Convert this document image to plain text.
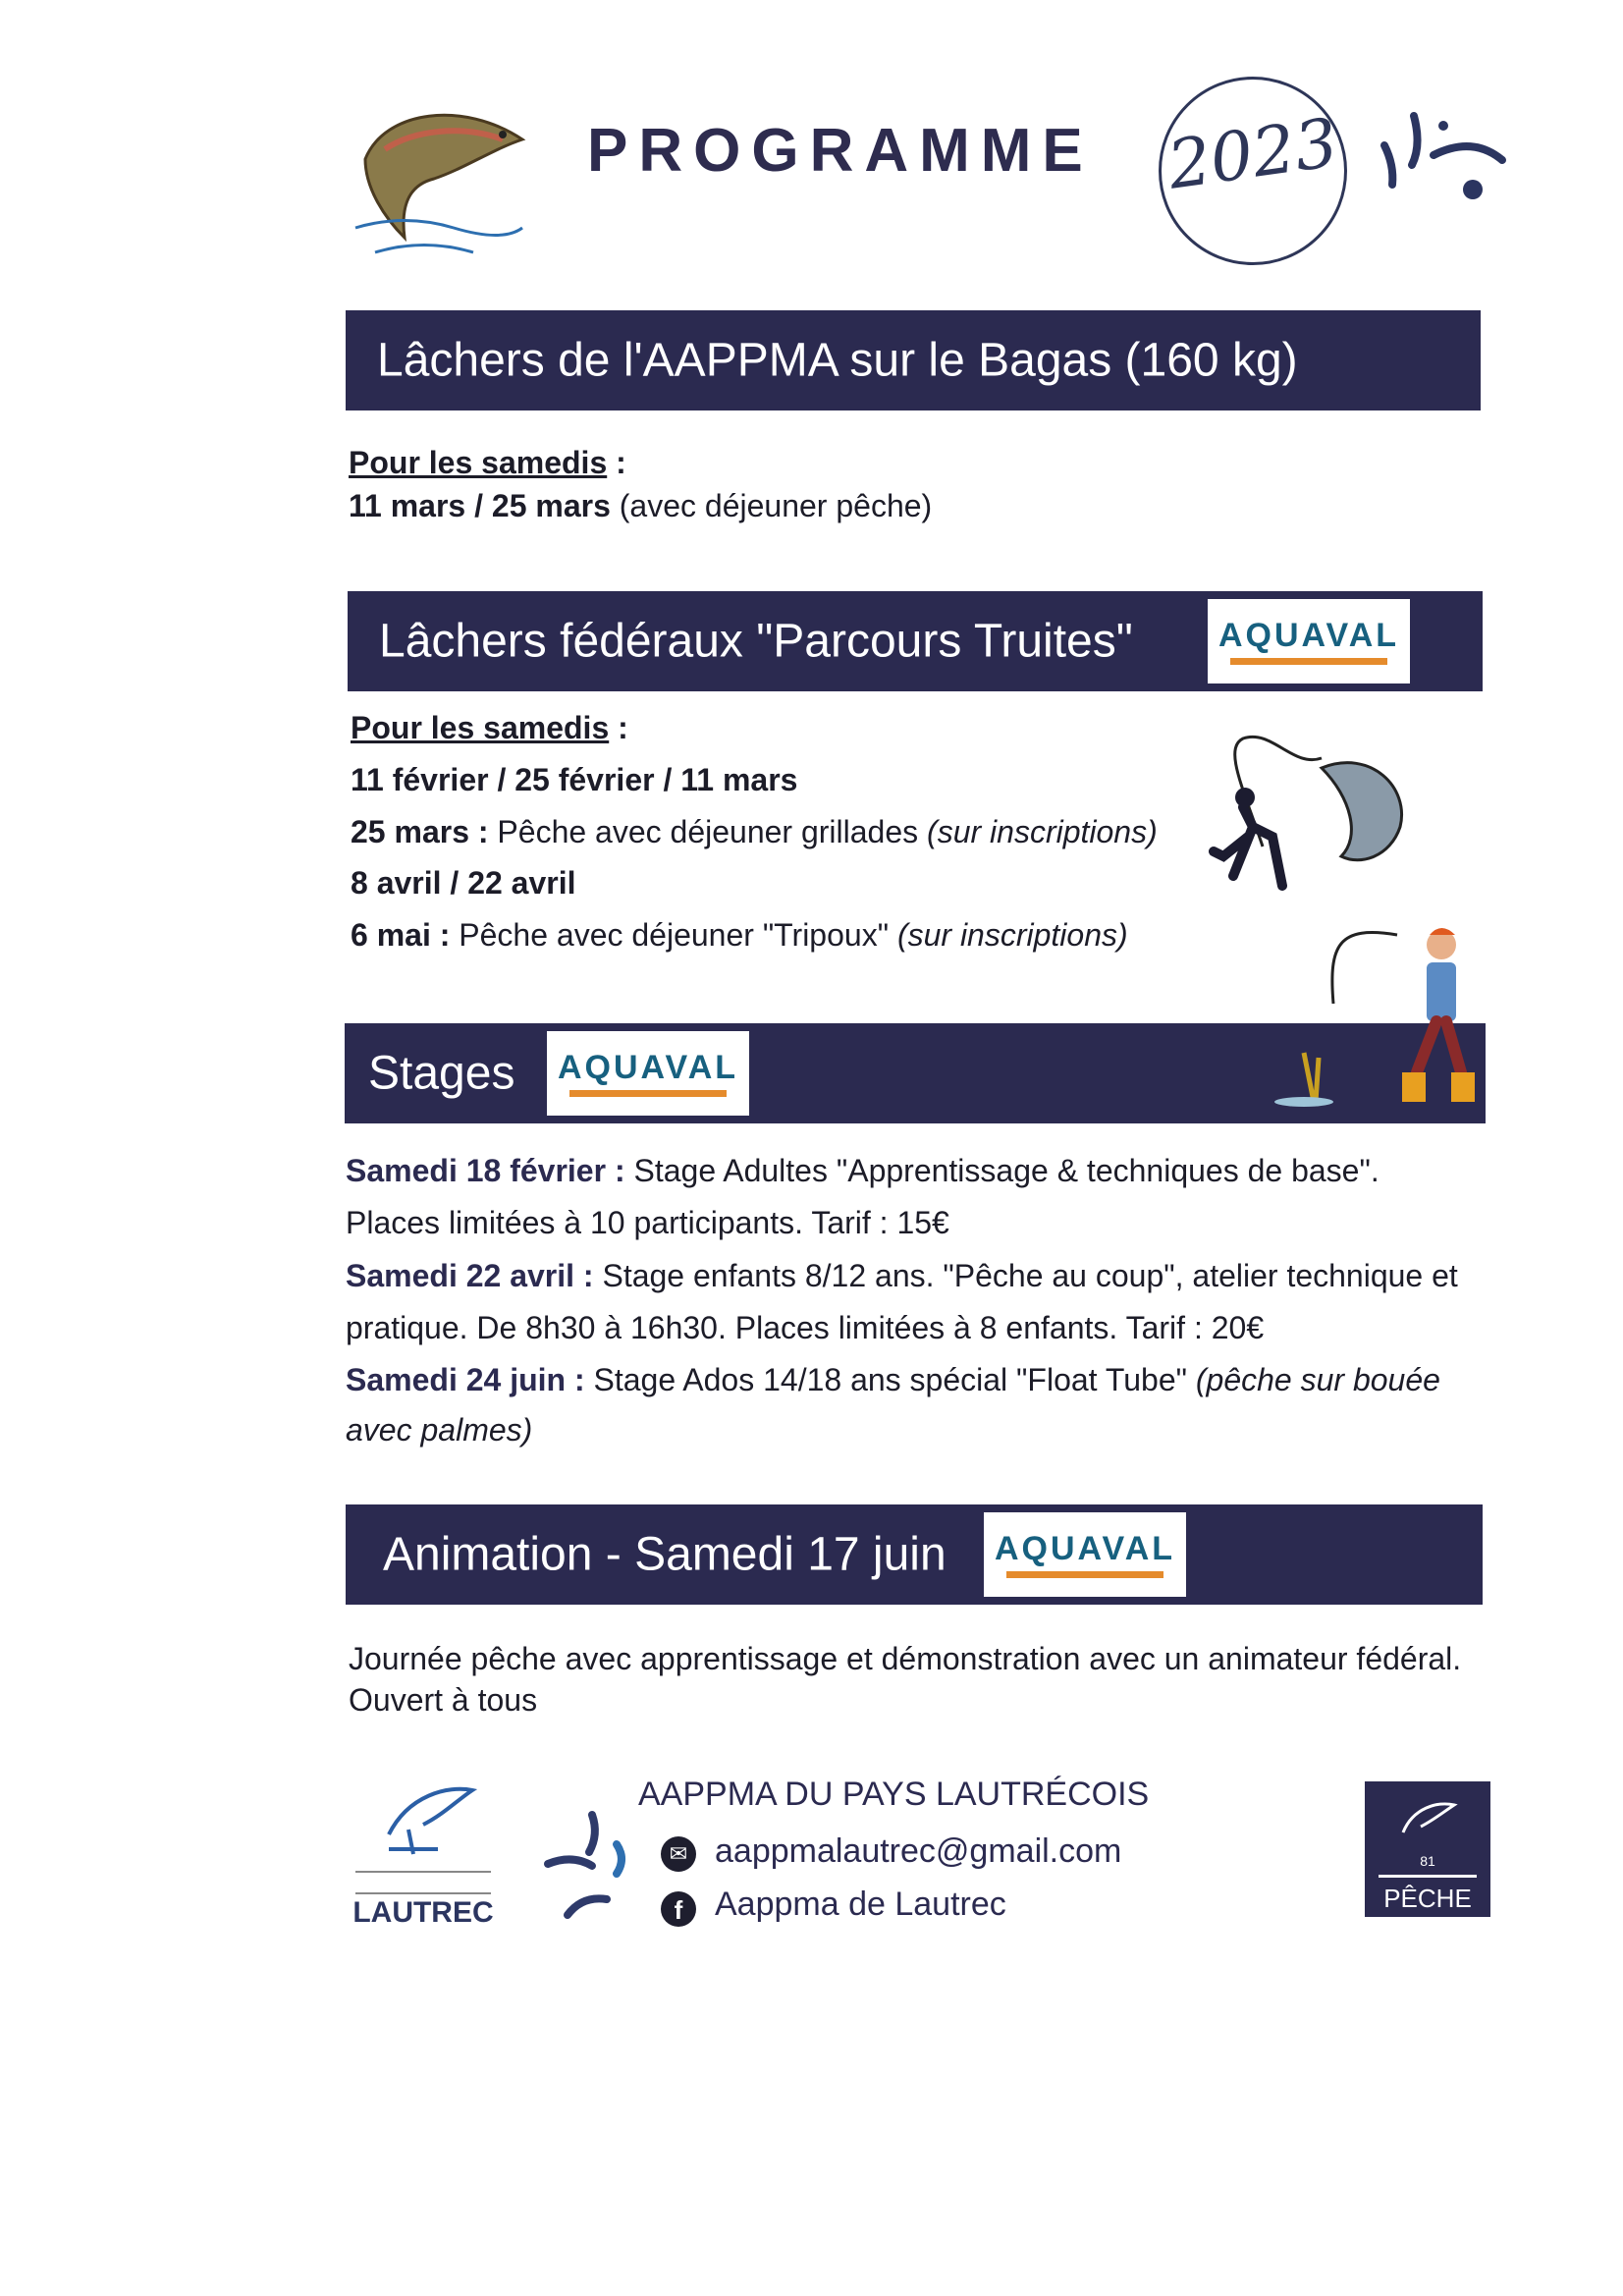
PROGRAMME 2023
Lâchers de l'AAPPMA sur le Bagas (160 kg)
Pour les samedis :
11 mars / 25 mars (avec déjeuner pêche)
Lâchers fédéraux "Parcours Truites"	AQUAVAL
Pour les samedis :
11 février / 25 février / 11 mars
25 mars : Pêche avec déjeuner grillades (sur inscriptions)
8 avril / 22 avril
6 mai : Pêche avec déjeuner "Tripoux" (sur inscriptions)
Stages AQUAVAL
Samedi 18 février : Stage Adultes "Apprentissage & techniques de base".
Places limitées à 10 participants. Tarif : 15€
Samedi 22 avril : Stage enfants 8/12 ans. "Pêche au coup", atelier technique et
pratique. De 8h30 à 16h30. Places limitées à 8 enfants. Tarif : 20€
Samedi 24 juin : Stage Ados 14/18 ans spécial "Float Tube" (pêche sur bouée
avec palmes)
Animation - Samedi 17 juin AQUAVAL
Journée pêche avec apprentissage et démonstration avec un animateur fédéral.
Ouvert à tous
LAUTREC
AAPPMA DU PAYS LAUTRÉCOIS
✉ aappmalautrec@gmail.com
f Aappma de Lautrec
81
PÊCHE
